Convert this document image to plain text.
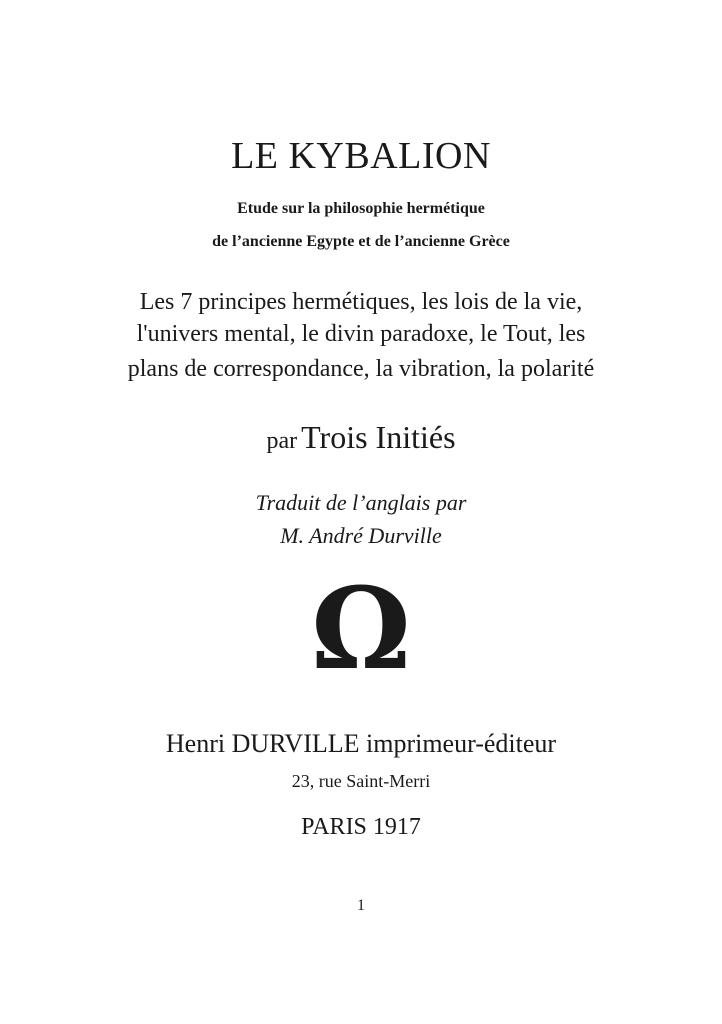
LE KYBALION
Etude sur la philosophie hermétique
de l’ancienne Egypte et de l’ancienne Grèce
Les 7 principes hermétiques, les lois de la vie,
l'univers mental, le divin paradoxe, le Tout, les
plans de correspondance, la vibration, la polarité
par Trois Initiés
Traduit de l’anglais par
M. André Durville
Ω
Henri DURVILLE imprimeur-éditeur
23, rue Saint-Merri
PARIS 1917
1
